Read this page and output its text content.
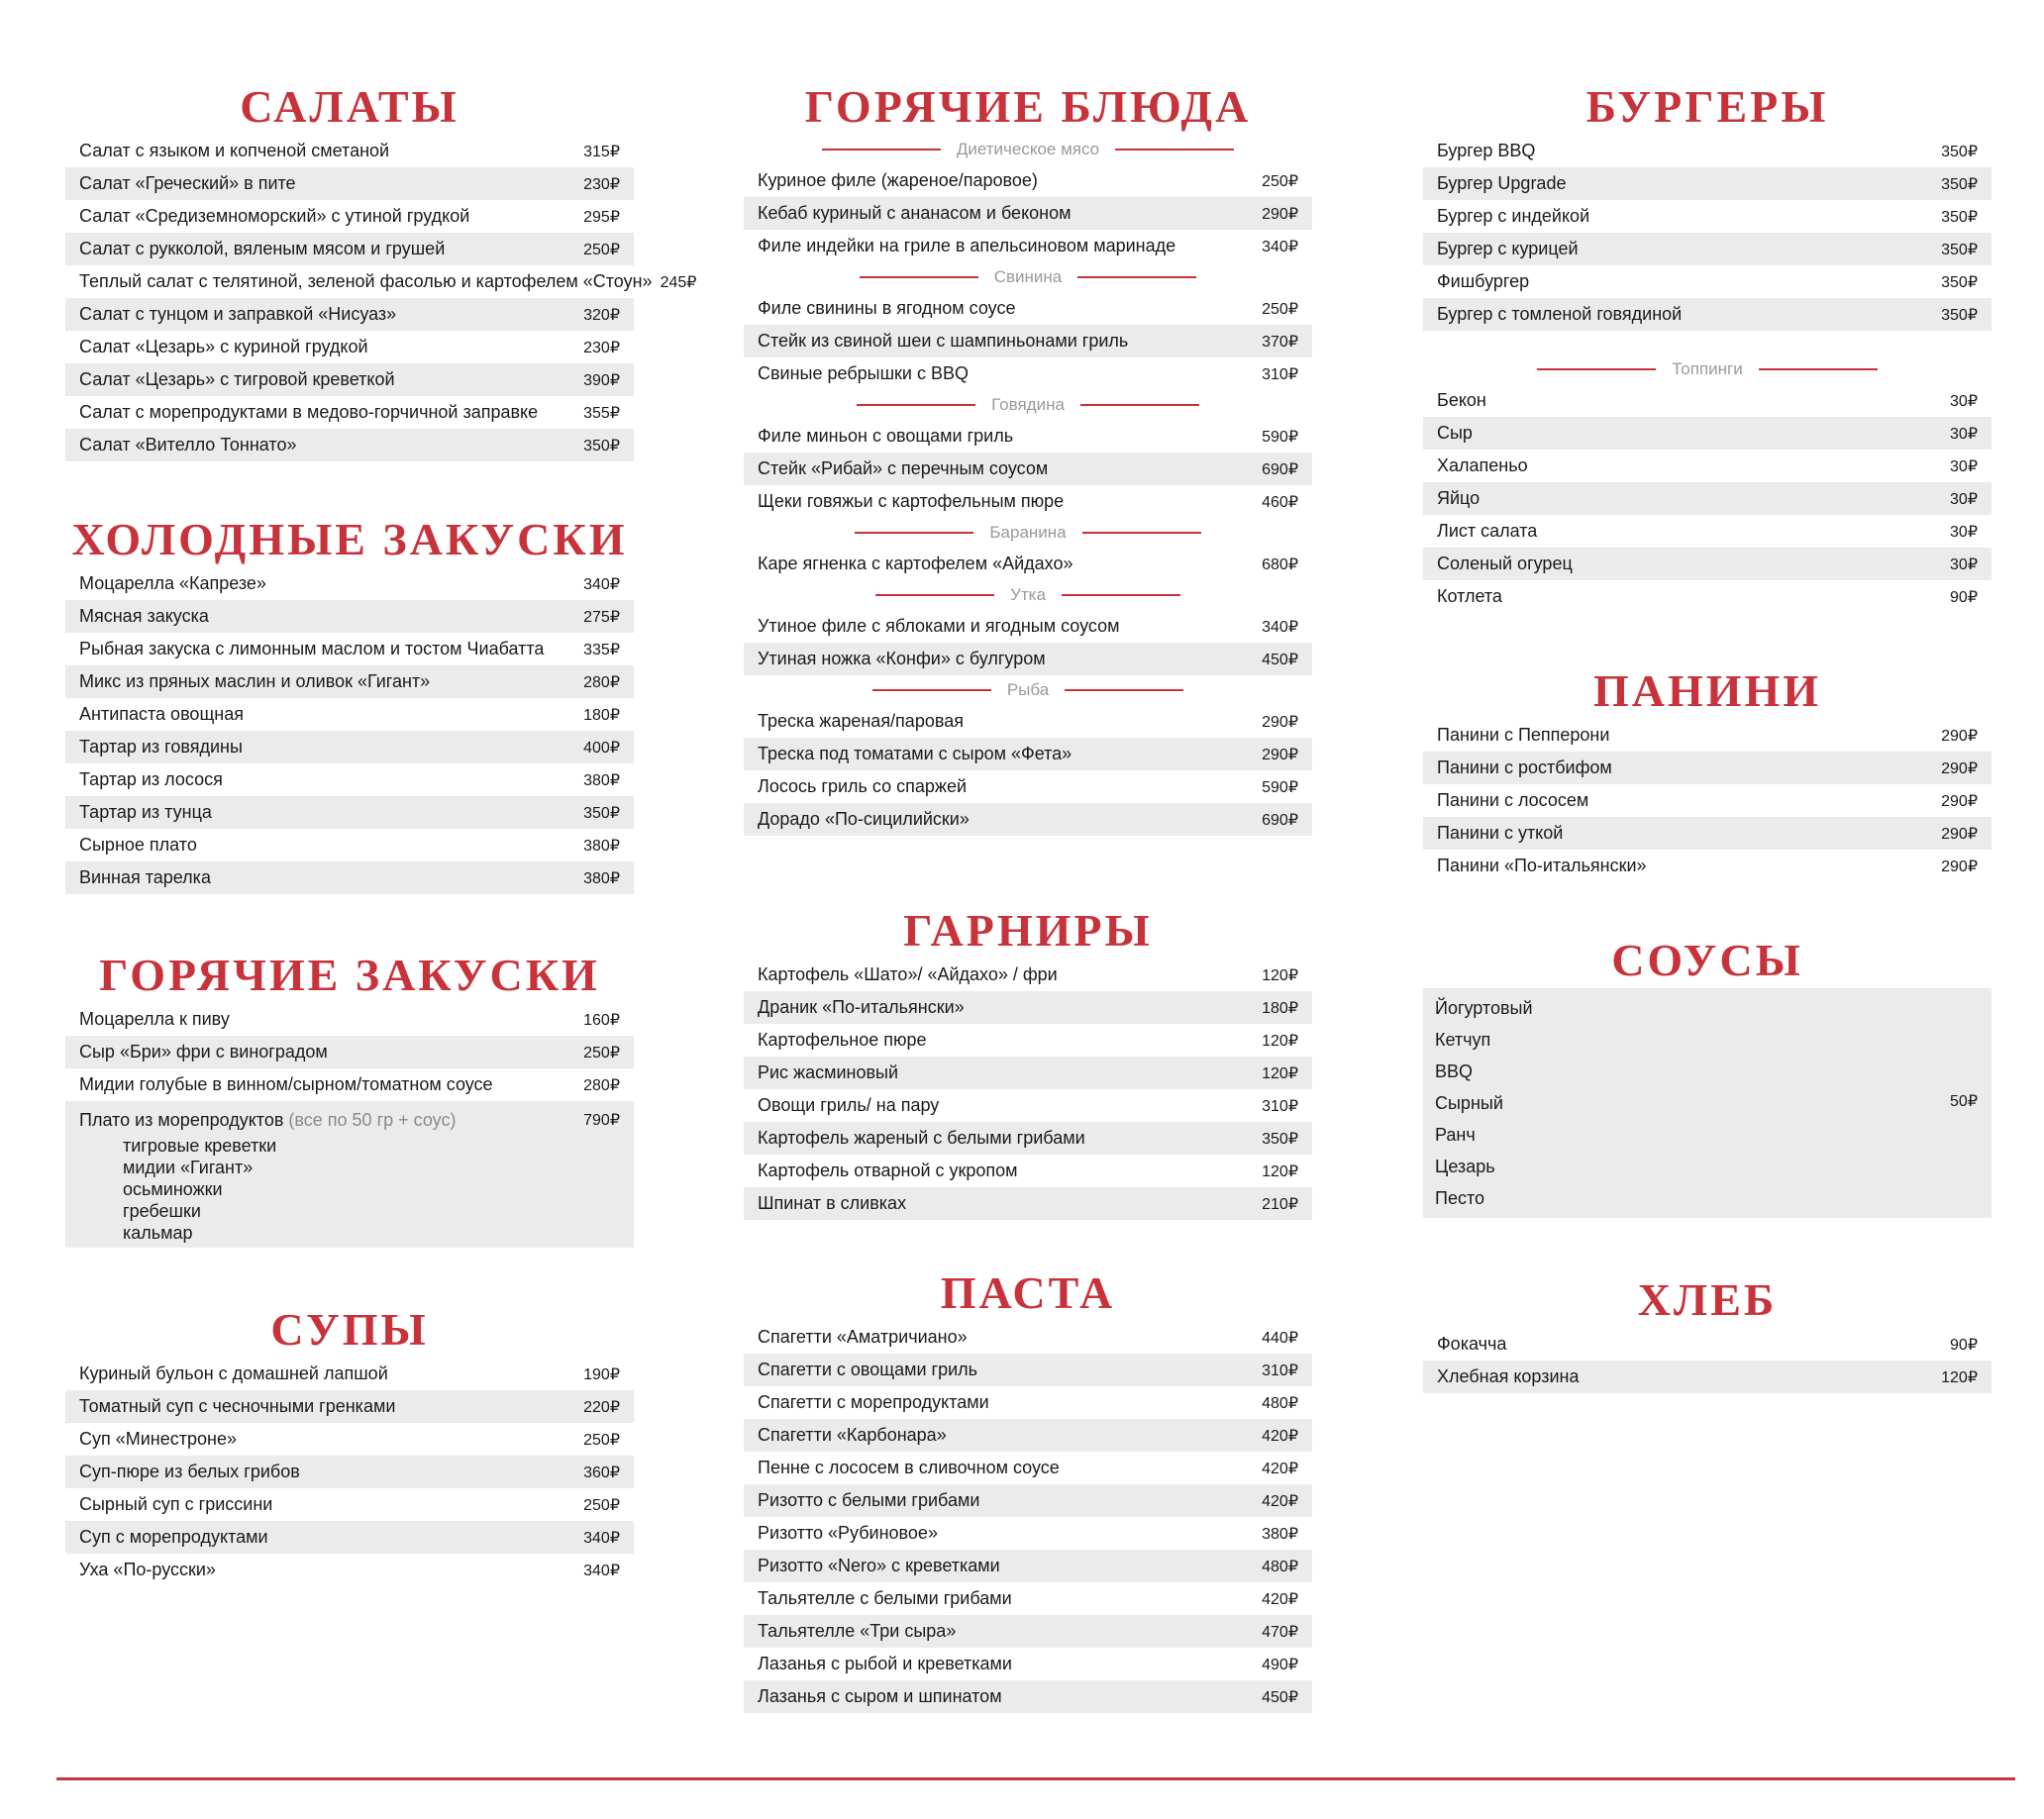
САЛАТЫ
Салат с языком и копченой сметаной	315₽
Салат «Греческий» в пите	230₽
Салат «Средиземноморский» с утиной грудкой	295₽
Салат с рукколой, вяленым мясом и грушей	250₽
Теплый салат с телятиной, зеленой фасолью и картофелем «Стоун» 245₽
Салат с тунцом и заправкой «Нисуаз»	320₽
Салат «Цезарь» с куриной грудкой	230₽
Салат «Цезарь» с тигровой креветкой	390₽
Салат с морепродуктами в медово-горчичной заправке	355₽
Салат «Вителло Тоннато»	350₽
ХОЛОДНЫЕ ЗАКУСКИ
Моцарелла «Капрезе»	340₽
Мясная закуска	275₽
Рыбная закуска с лимонным маслом и тостом Чиабатта	335₽
Микс из пряных маслин и оливок «Гигант»	280₽
Антипаста овощная	180₽
Тартар из говядины	400₽
Тартар из лосося	380₽
Тартар из тунца	350₽
Сырное плато	380₽
Винная тарелка	380₽
ГОРЯЧИЕ ЗАКУСКИ
Моцарелла к пиву	160₽
Сыр «Бри» фри с виноградом	250₽
Мидии голубые в винном/сырном/томатном соусе	280₽
Плато из морепродуктов (все по 50 гр + соус)	790₽
тигровые креветки
мидии «Гигант»
осьминожки
гребешки
кальмар
СУПЫ
Куриный бульон с домашней лапшой	190₽
Томатный суп с чесночными гренками	220₽
Суп «Минестроне»	250₽
Суп-пюре из белых грибов	360₽
Сырный суп с гриссини	250₽
Суп с морепродуктами	340₽
Уха «По-русски»	340₽
ГОРЯЧИЕ БЛЮДА
Диетическое мясо
Куриное филе (жареное/паровое)	250₽
Кебаб куриный с ананасом и беконом	290₽
Филе индейки на гриле в апельсиновом маринаде	340₽
Свинина
Филе свинины в ягодном соусе	250₽
Стейк из свиной шеи с шампиньонами гриль	370₽
Свиные ребрышки с BBQ	310₽
Говядина
Филе миньон с овощами гриль	590₽
Стейк «Рибай» с перечным соусом	690₽
Щеки говяжьи с картофельным пюре	460₽
Баранина
Каре ягненка с картофелем «Айдахо»	680₽
Утка
Утиное филе с яблоками и ягодным соусом	340₽
Утиная ножка «Конфи» с булгуром	450₽
Рыба
Треска жареная/паровая	290₽
Треска под томатами с сыром «Фета»	290₽
Лосось гриль со спаржей	590₽
Дорадо «По-сицилийски»	690₽
ГАРНИРЫ
Картофель «Шато»/ «Айдахо» / фри	120₽
Драник «По-итальянски»	180₽
Картофельное пюре	120₽
Рис жасминовый	120₽
Овощи гриль/ на пару	310₽
Картофель жареный с белыми грибами	350₽
Картофель отварной с укропом	120₽
Шпинат в сливках	210₽
ПАСТА
Спагетти «Аматричиано»	440₽
Спагетти с овощами гриль	310₽
Спагетти с морепродуктами	480₽
Спагетти «Карбонара»	420₽
Пенне с лососем в сливочном соусе	420₽
Ризотто с белыми грибами	420₽
Ризотто «Рубиновое»	380₽
Ризотто «Nero» с креветками	480₽
Тальятелле с белыми грибами	420₽
Тальятелле «Три сыра»	470₽
Лазанья с рыбой и креветками	490₽
Лазанья с сыром и шпинатом	450₽
БУРГЕРЫ
Бургер BBQ	350₽
Бургер Upgrade	350₽
Бургер с индейкой	350₽
Бургер с курицей	350₽
Фишбургер	350₽
Бургер с томленой говядиной	350₽
Топпинги
Бекон	30₽
Сыр	30₽
Халапеньо	30₽
Яйцо	30₽
Лист салата	30₽
Соленый огурец	30₽
Котлета	90₽
ПАНИНИ
Панини с Пепперони	290₽
Панини с ростбифом	290₽
Панини с лососем	290₽
Панини с уткой	290₽
Панини «По-итальянски»	290₽
СОУСЫ
Йогуртовый
Кетчуп
BBQ
Сырный
Ранч
Цезарь
Песто
50₽
ХЛЕБ
Фокачча	90₽
Хлебная корзина	120₽
